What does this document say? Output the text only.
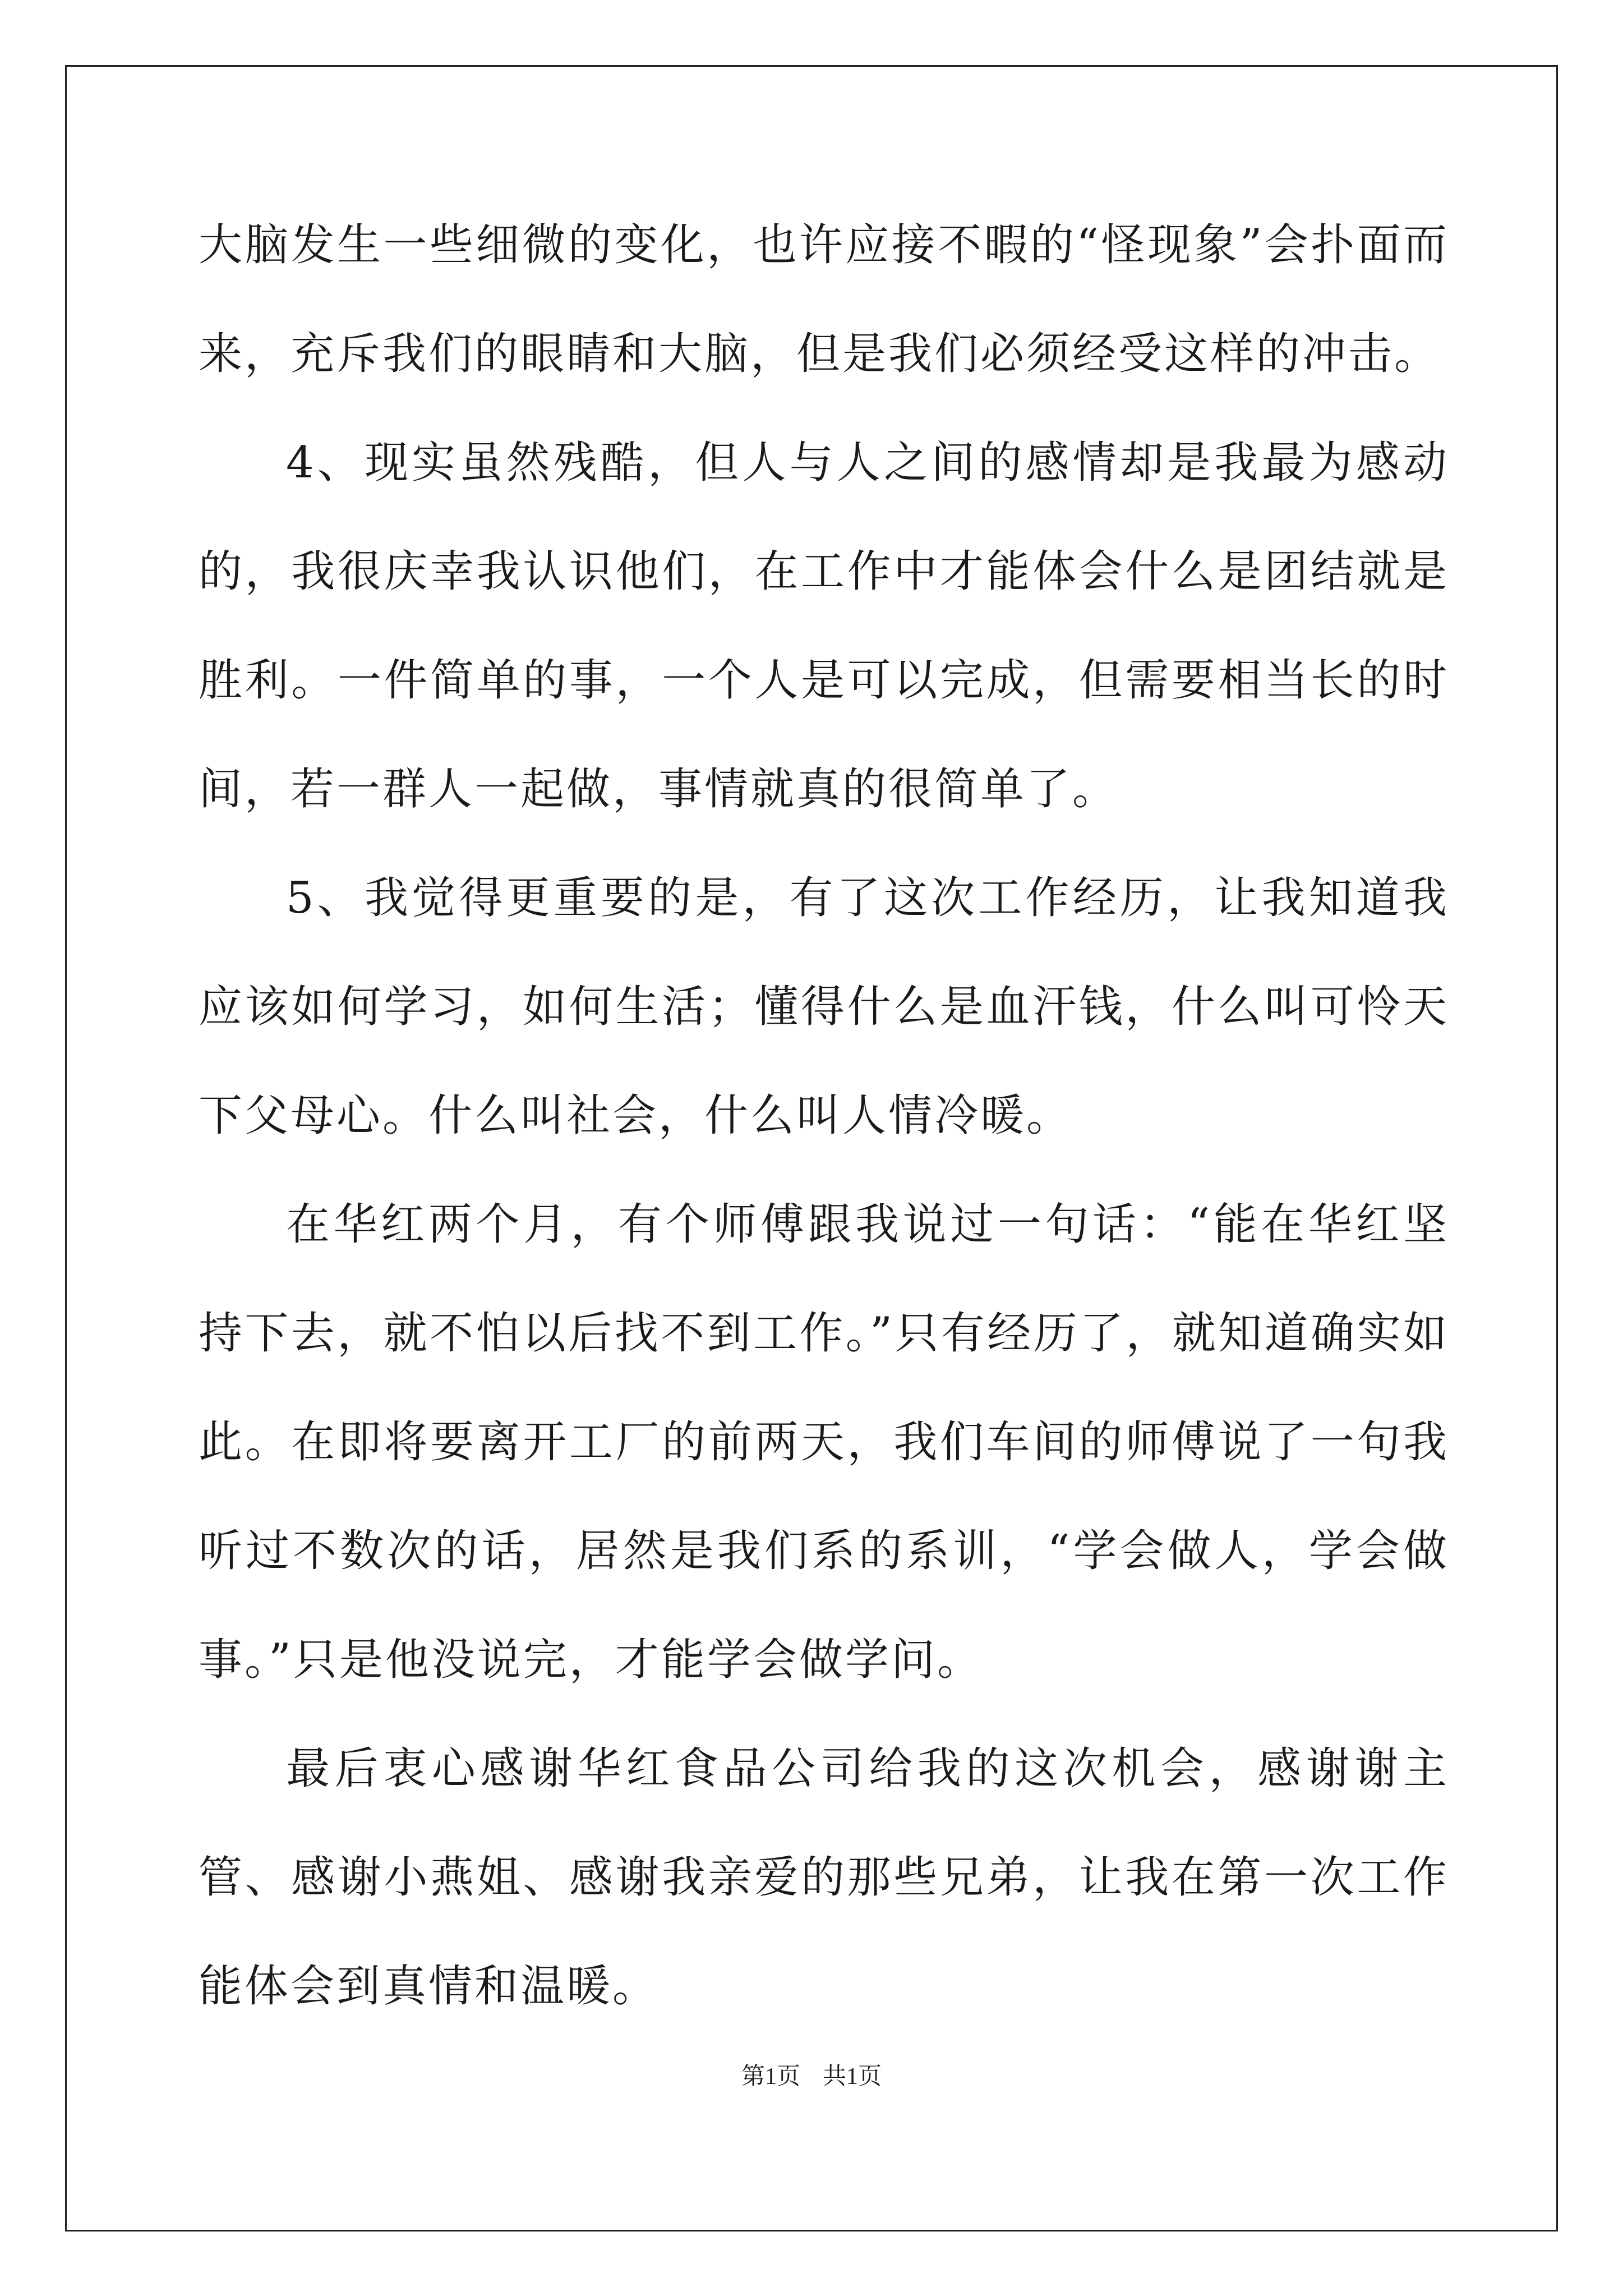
大脑发生一些细微的变化，也许应接不暇的“怪现象”会扑面而来，充斥我们的眼睛和大脑，但是我们必须经受这样的冲击。

4、现实虽然残酷，但人与人之间的感情却是我最为感动的，我很庆幸我认识他们，在工作中才能体会什么是团结就是胜利。一件简单的事，一个人是可以完成，但需要相当长的时间，若一群人一起做，事情就真的很简单了。

5、我觉得更重要的是，有了这次工作经历，让我知道我应该如何学习，如何生活；懂得什么是血汗钱，什么叫可怜天下父母心。什么叫社会，什么叫人情冷暖。

在华红两个月，有个师傅跟我说过一句话：“能在华红坚持下去，就不怕以后找不到工作。”只有经历了，就知道确实如此。在即将要离开工厂的前两天，我们车间的师傅说了一句我听过不数次的话，居然是我们系的系训，“学会做人，学会做事。”只是他没说完，才能学会做学问。

最后衷心感谢华红食品公司给我的这次机会，感谢谢主管、感谢小燕姐、感谢我亲爱的那些兄弟，让我在第一次工作能体会到真情和温暖。

第1页 共1页
